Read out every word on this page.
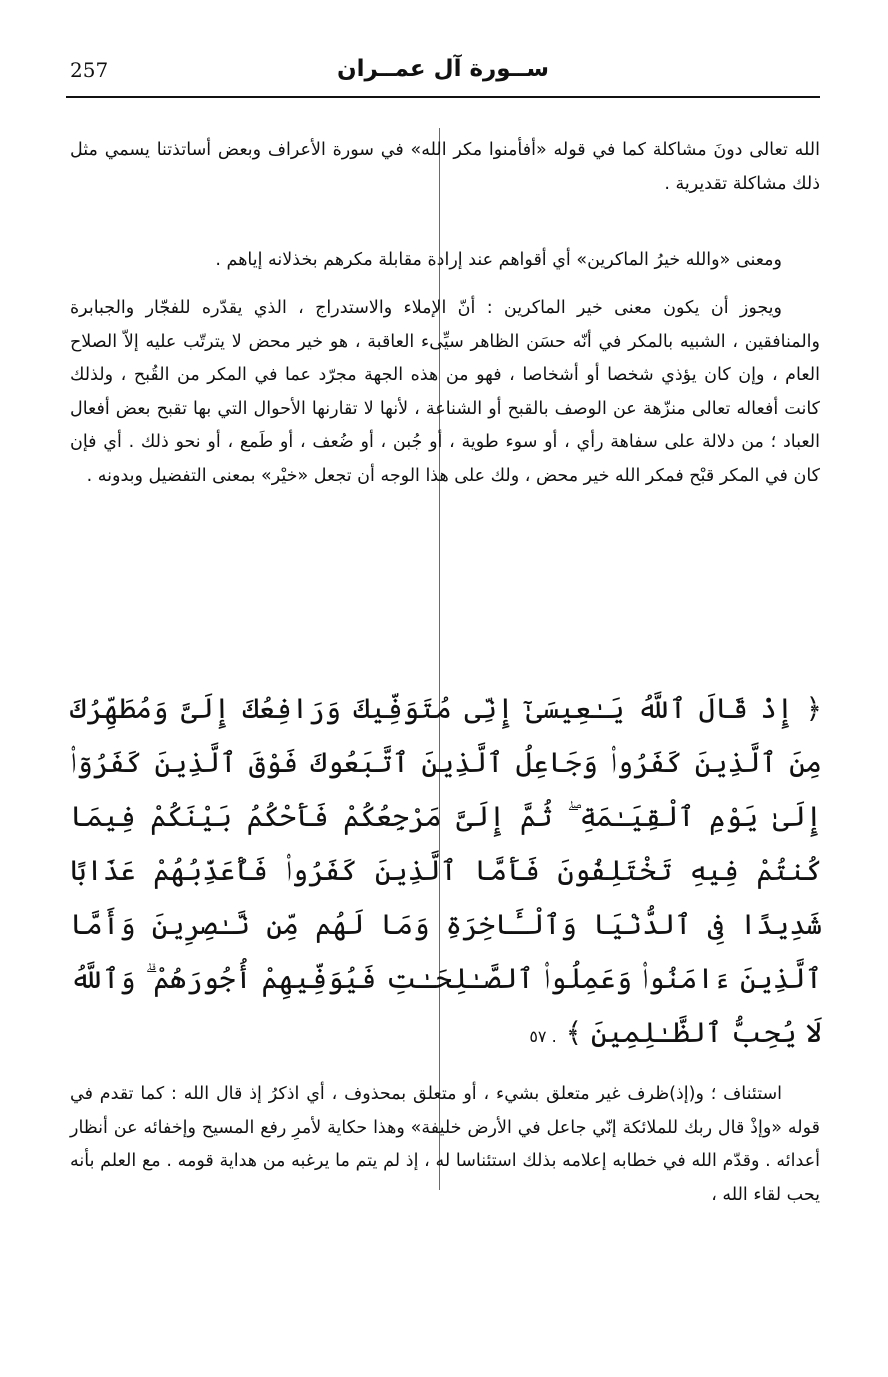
257	ســورة آل عمــران

الله تعالى دونَ مشاكلة كما في قوله «أفأمنوا مكر الله» في سورة الأعراف وبعض أساتذتنا يسمي مثل ذلك مشاكلة تقديرية .

ومعنى «والله خيرُ الماكرين» أي أقواهم عند إرادة مقابلة مكرهم بخذلانه إياهم .

ويجوز أن يكون معنى خير الماكرين : أنّ الإملاء والاستدراج ، الذي يقدّره للفجّار والجبابرة والمنافقين ، الشبيه بالمكر في أنّه حسَن الظاهر سيِّىء العاقبة ، هو خير محض لا يترتّب عليه إلاّ الصلاح العام ، وإن كان يؤذي شخصا أو أشخاصا ، فهو من هذه الجهة مجرّد عما في المكر من القُبح ، ولذلك كانت أفعاله تعالى منزّهة عن الوصف بالقبح أو الشناعة ، لأنها لا تقارنها الأحوال التي بها تقبح بعض أفعال العباد ؛ من دلالة على سفاهة رأي ، أو سوء طوية ، أو جُبن ، أو ضُعف ، أو طَمع ، أو نحو ذلك . أي فإن كان في المكر قبْح فمكر الله خير محض ، ولك على هذا الوجه أن تجعل «خيْر» بمعنى التفضيل وبدونه .

﴿ إِذْ قَالَ ٱللَّهُ يَـٰعِيسَىٰٓ إِنِّى مُتَوَفِّيكَ وَرَافِعُكَ إِلَىَّ وَمُطَهِّرُكَ مِنَ ٱلَّذِينَ كَفَرُوا۟ وَجَاعِلُ ٱلَّذِينَ ٱتَّبَعُوكَ فَوْقَ ٱلَّذِينَ كَفَرُوٓا۟ إِلَىٰ يَوْمِ ٱلْقِيَـٰمَةِ ۖ ثُمَّ إِلَىَّ مَرْجِعُكُمْ فَأَحْكُمُ بَيْنَكُمْ فِيمَا كُنتُمْ فِيهِ تَخْتَلِفُونَ فَأَمَّا ٱلَّذِينَ كَفَرُوا۟ فَأُعَذِّبُهُمْ عَذَابًا شَدِيدًا فِى ٱلدُّنْيَا وَٱلْـَٔاخِرَةِ وَمَا لَهُم مِّن نَّـٰصِرِينَ وَأَمَّا ٱلَّذِينَ ءَامَنُوا۟ وَعَمِلُوا۟ ٱلصَّـٰلِحَـٰتِ فَيُوَفِّيهِمْ أُجُورَهُمْ ۗ وَٱللَّهُ لَا يُحِبُّ ٱلظَّـٰلِمِينَ ﴾ . ٥٧

استئناف ؛ و(إذ)ظرف غير متعلق بشيء ، أو متعلق بمحذوف ، أي اذكرُ إذ قال الله : كما تقدم في قوله «وإذْ قال ربك للملائكة إنّي جاعل في الأرض خليفة» وهذا حكاية لأمرِ رفع المسيح وإخفائه عن أنظار أعدائه . وقدّم الله في خطابه إعلامه بذلك استئناسا له ، إذ لم يتم ما يرغبه من هداية قومه . مع العلم بأنه يحب لقاء الله ،
